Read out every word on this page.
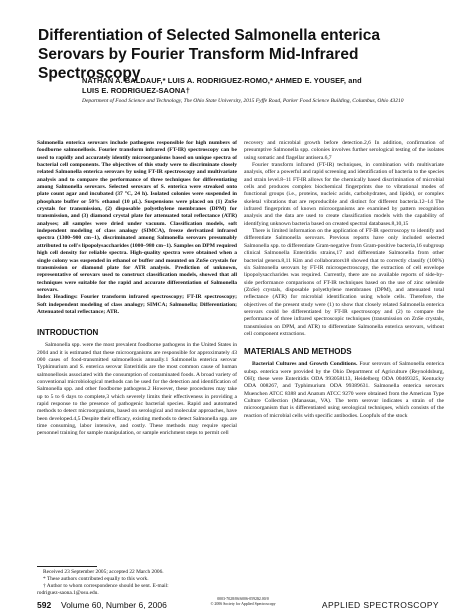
Differentiation of Selected Salmonella enterica Serovars by Fourier Transform Mid-Infrared Spectroscopy
NATHAN A. BALDAUF,* LUIS A. RODRIGUEZ-ROMO,* AHMED E. YOUSEF, and
LUIS E. RODRIGUEZ-SAONA†
Department of Food Science and Technology, The Ohio State University, 2015 Fyffe Road, Parker Food Science Building, Columbus, Ohio 43210

Salmonella enterica serovars include pathogens responsible for high numbers of foodborne salmonellosis. Fourier transform infrared (FT-IR) spectroscopy can be used to rapidly and accurately identify microorganisms based on unique spectra of bacterial cell components. The objectives of this study were to discriminate closely related Salmonella enterica serovars by using FT-IR spectroscopy and multivariate analysis and to compare the performance of three techniques for differentiating among Salmonella serovars. Selected serovars of S. enterica were streaked onto plate count agar and incubated (37 °C, 24 h). Isolated colonies were suspended in phosphate buffer or 50% ethanol (10 µL). Suspensions were placed on (1) ZnSe crystals for transmission, (2) disposable polyethylene membranes (DPM) for transmission, and (3) diamond crystal plate for attenuated total reflectance (ATR) analyses; all samples were dried under vacuum. Classification models, soft independent modeling of class analogy (SIMCA), freeze derivatized infrared spectra (1300–900 cm−1), discriminated among Salmonella serovars presumably attributed to cell's lipopolysaccharides (1000–980 cm−1). Samples on DPM required high cell density for reliable spectra. High-quality spectra were obtained when a single colony was suspended in ethanol or buffer and mounted on ZnSe crystals for transmission or diamond plate for ATR analysis. Prediction of unknown, representative of serovars used to construct classification models, showed that all techniques were suitable for the rapid and accurate differentiation of Salmonella serovars.

Index Headings: Fourier transform infrared spectroscopy; FT-IR spectroscopy; Soft independent modeling of class analogy; SIMCA; Salmonella; Differentiation; Attenuated total reflectance; ATR.

INTRODUCTION

Salmonella spp. were the most prevalent foodborne pathogens in the United States in 2004 and it is estimated that these microorganisms are responsible for approximately 43 000 cases of food-transmitted salmonellosis annually.1 Salmonella enterica serovar Typhimurium and S. enterica serovar Enteritidis are the most common cause of human salmonellosis associated with the consumption of contaminated foods. A broad variety of conventional microbiological methods can be used for the detection and identification of Salmonella spp. and other foodborne pathogens.2 However, these procedures may take up to 5 to 6 days to complete,3 which severely limits their effectiveness in providing a rapid response to the presence of pathogenic bacterial species. Rapid and automated methods to detect microorganisms, based on serological and molecular approaches, have been developed.4,5 Despite their efficacy, existing methods to detect Salmonella spp. are time consuming, labor intensive, and costly. These methods may require special personnel training for sample manipulation, or sample enrichment steps to permit cell

recovery and microbial growth before detection.2,6 In addition, confirmation of presumptive Salmonella spp. colonies involves further serological testing of the isolates using somatic and flagellar antisera.6,7

Fourier transform infrared (FT-IR) techniques, in combination with multivariate analysis, offer a powerful and rapid screening and identification of bacteria to the species and strain level.8–11 FT-IR allows for the chemically based discrimination of microbial cells and produces complex biochemical fingerprints due to vibrational modes of functional groups (i.e., proteins, nucleic acids, carbohydrates, and lipids), or complex skeletal vibrations that are reproducible and distinct for different bacteria.12–14 The infrared fingerprints of known microorganisms are examined by pattern recognition analysis and the data are used to create classification models with the capability of identifying unknown bacteria based on created spectral databases.8,10,15

There is limited information on the application of FT-IR spectroscopy to identify and differentiate Salmonella serovars. Previous reports have only included selected Salmonella spp. to differentiate Gram-negative from Gram-positive bacteria,16 subgroup clinical Salmonella Enteritidis strains,17 and differentiate Salmonella from other bacterial genera.8,11 Kim and collaborators18 showed that to correctly classify (100%) six Salmonella serovars by FT-IR microspectroscopy, the extraction of cell envelope lipopolysaccharides was required. Currently, there are no available reports of side-by-side performance comparisons of FT-IR techniques based on the use of zinc selenide (ZnSe) crystals, disposable polyethylene membranes (DPM), and attenuated total reflectance (ATR) for microbial identification using whole cells. Therefore, the objectives of the present study were (1) to show that closely related Salmonella enterica serovars could be differentiated by FT-IR spectroscopy and (2) to compare the performance of three infrared spectroscopic techniques (transmission on ZnSe crystals, transmission on DPM, and ATR) to differentiate Salmonella enterica serovars, without cell component extractions.

MATERIALS AND METHODS

Bacterial Cultures and Growth Conditions. Four serovars of Salmonella enterica subsp. enterica were provided by the Ohio Department of Agriculture (Reynoldsburg, OH); these were Enteritidis ODA 993058113, Heidelberg ODA 00469325, Kentucky ODA 008267, and Typhimurium ODA 99389631. Salmonella enterica serovars Muenchen ATCC 8388 and Anatum ATCC 9270 were obtained from the American Type Culture Collection (Manassas, VA). The term serovar indicates a strain of the microorganism that is differentiated using serological techniques, which consists of the reaction of microbial cells with specific antibodies. Loopfuls of the stock

Received 23 September 2005; accepted 22 March 2006.
* These authors contributed equally to this work.
† Author to whom correspondence should be sent. E-mail:
rodriguez-saona.1@osu.edu.
592 Volume 60, Number 6, 2006
0003-7028/06/6006-0592$2.00/0
© 2006 Society for Applied Spectroscopy	APPLIED SPECTROSCOPY
